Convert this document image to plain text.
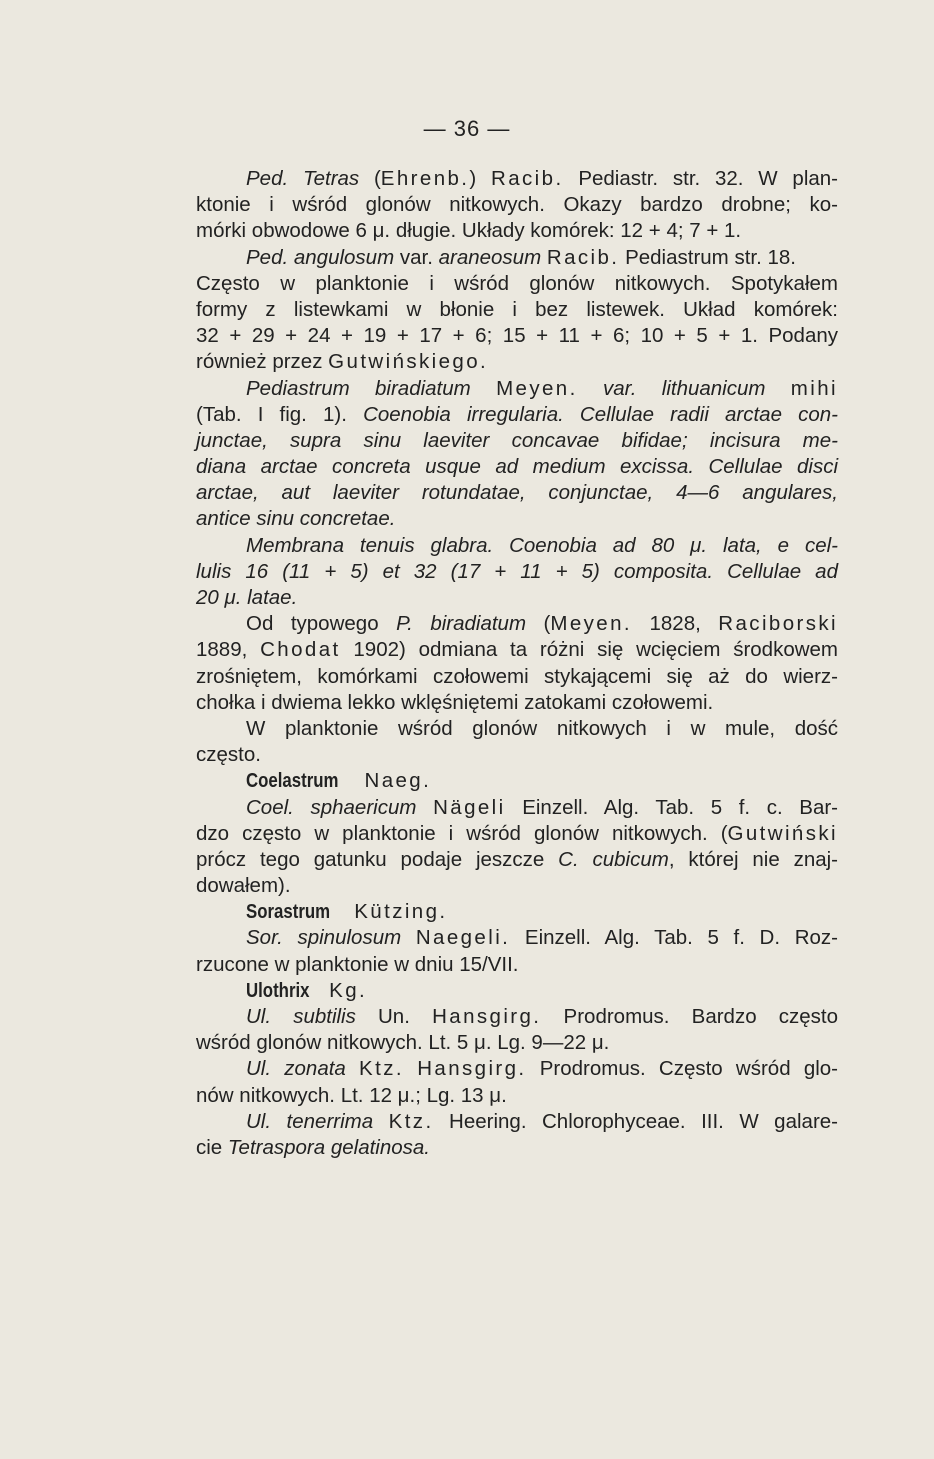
— 36 —
Ped. Tetras (Ehrenb.) Racib. Pediastr. str. 32. W plan-
ktonie i wśród glonów nitkowych. Okazy bardzo drobne; ko-
mórki obwodowe 6 μ. długie. Układy komórek: 12 + 4; 7 + 1.
Ped. angulosum var. araneosum Racib. Pediastrum str. 18.
Często w planktonie i wśród glonów nitkowych. Spotykałem
formy z listewkami w błonie i bez listewek. Układ komórek:
32 + 29 + 24 + 19 + 17 + 6; 15 + 11 + 6; 10 + 5 + 1. Podany
również przez Gutwińskiego.
Pediastrum biradiatum Meyen. var. lithuanicum mihi
(Tab. I fig. 1). Coenobia irregularia. Cellulae radii arctae con-
junctae, supra sinu laeviter concavae bifidae; incisura me-
diana arctae concreta usque ad medium excissa. Cellulae disci
arctae, aut laeviter rotundatae, conjunctae, 4—6 angulares,
antice sinu concretae.
Membrana tenuis glabra. Coenobia ad 80 μ. lata, e cel-
lulis 16 (11 + 5) et 32 (17 + 11 + 5) composita. Cellulae ad
20 μ. latae.
Od typowego P. biradiatum (Meyen. 1828, Raciborski
1889, Chodat 1902) odmiana ta różni się wcięciem środkowem
zrośniętem, komórkami czołowemi stykającemi się aż do wierz-
chołka i dwiema lekko wklęśniętemi zatokami czołowemi.
W planktonie wśród glonów nitkowych i w mule, dość
często.
Coelastrum Naeg.
Coel. sphaericum Nägeli Einzell. Alg. Tab. 5 f. c. Bar-
dzo często w planktonie i wśród glonów nitkowych. (Gutwiński
prócz tego gatunku podaje jeszcze C. cubicum, której nie znaj-
dowałem).
Sorastrum Kützing.
Sor. spinulosum Naegeli. Einzell. Alg. Tab. 5 f. D. Roz-
rzucone w planktonie w dniu 15/VII.
Ulothrix Kg.
Ul. subtilis Un. Hansgirg. Prodromus. Bardzo często
wśród glonów nitkowych. Lt. 5 μ. Lg. 9—22 μ.
Ul. zonata Ktz. Hansgirg. Prodromus. Często wśród glo-
nów nitkowych. Lt. 12 μ.; Lg. 13 μ.
Ul. tenerrima Ktz. Heering. Chlorophyceae. III. W galare-
cie Tetraspora gelatinosa.
